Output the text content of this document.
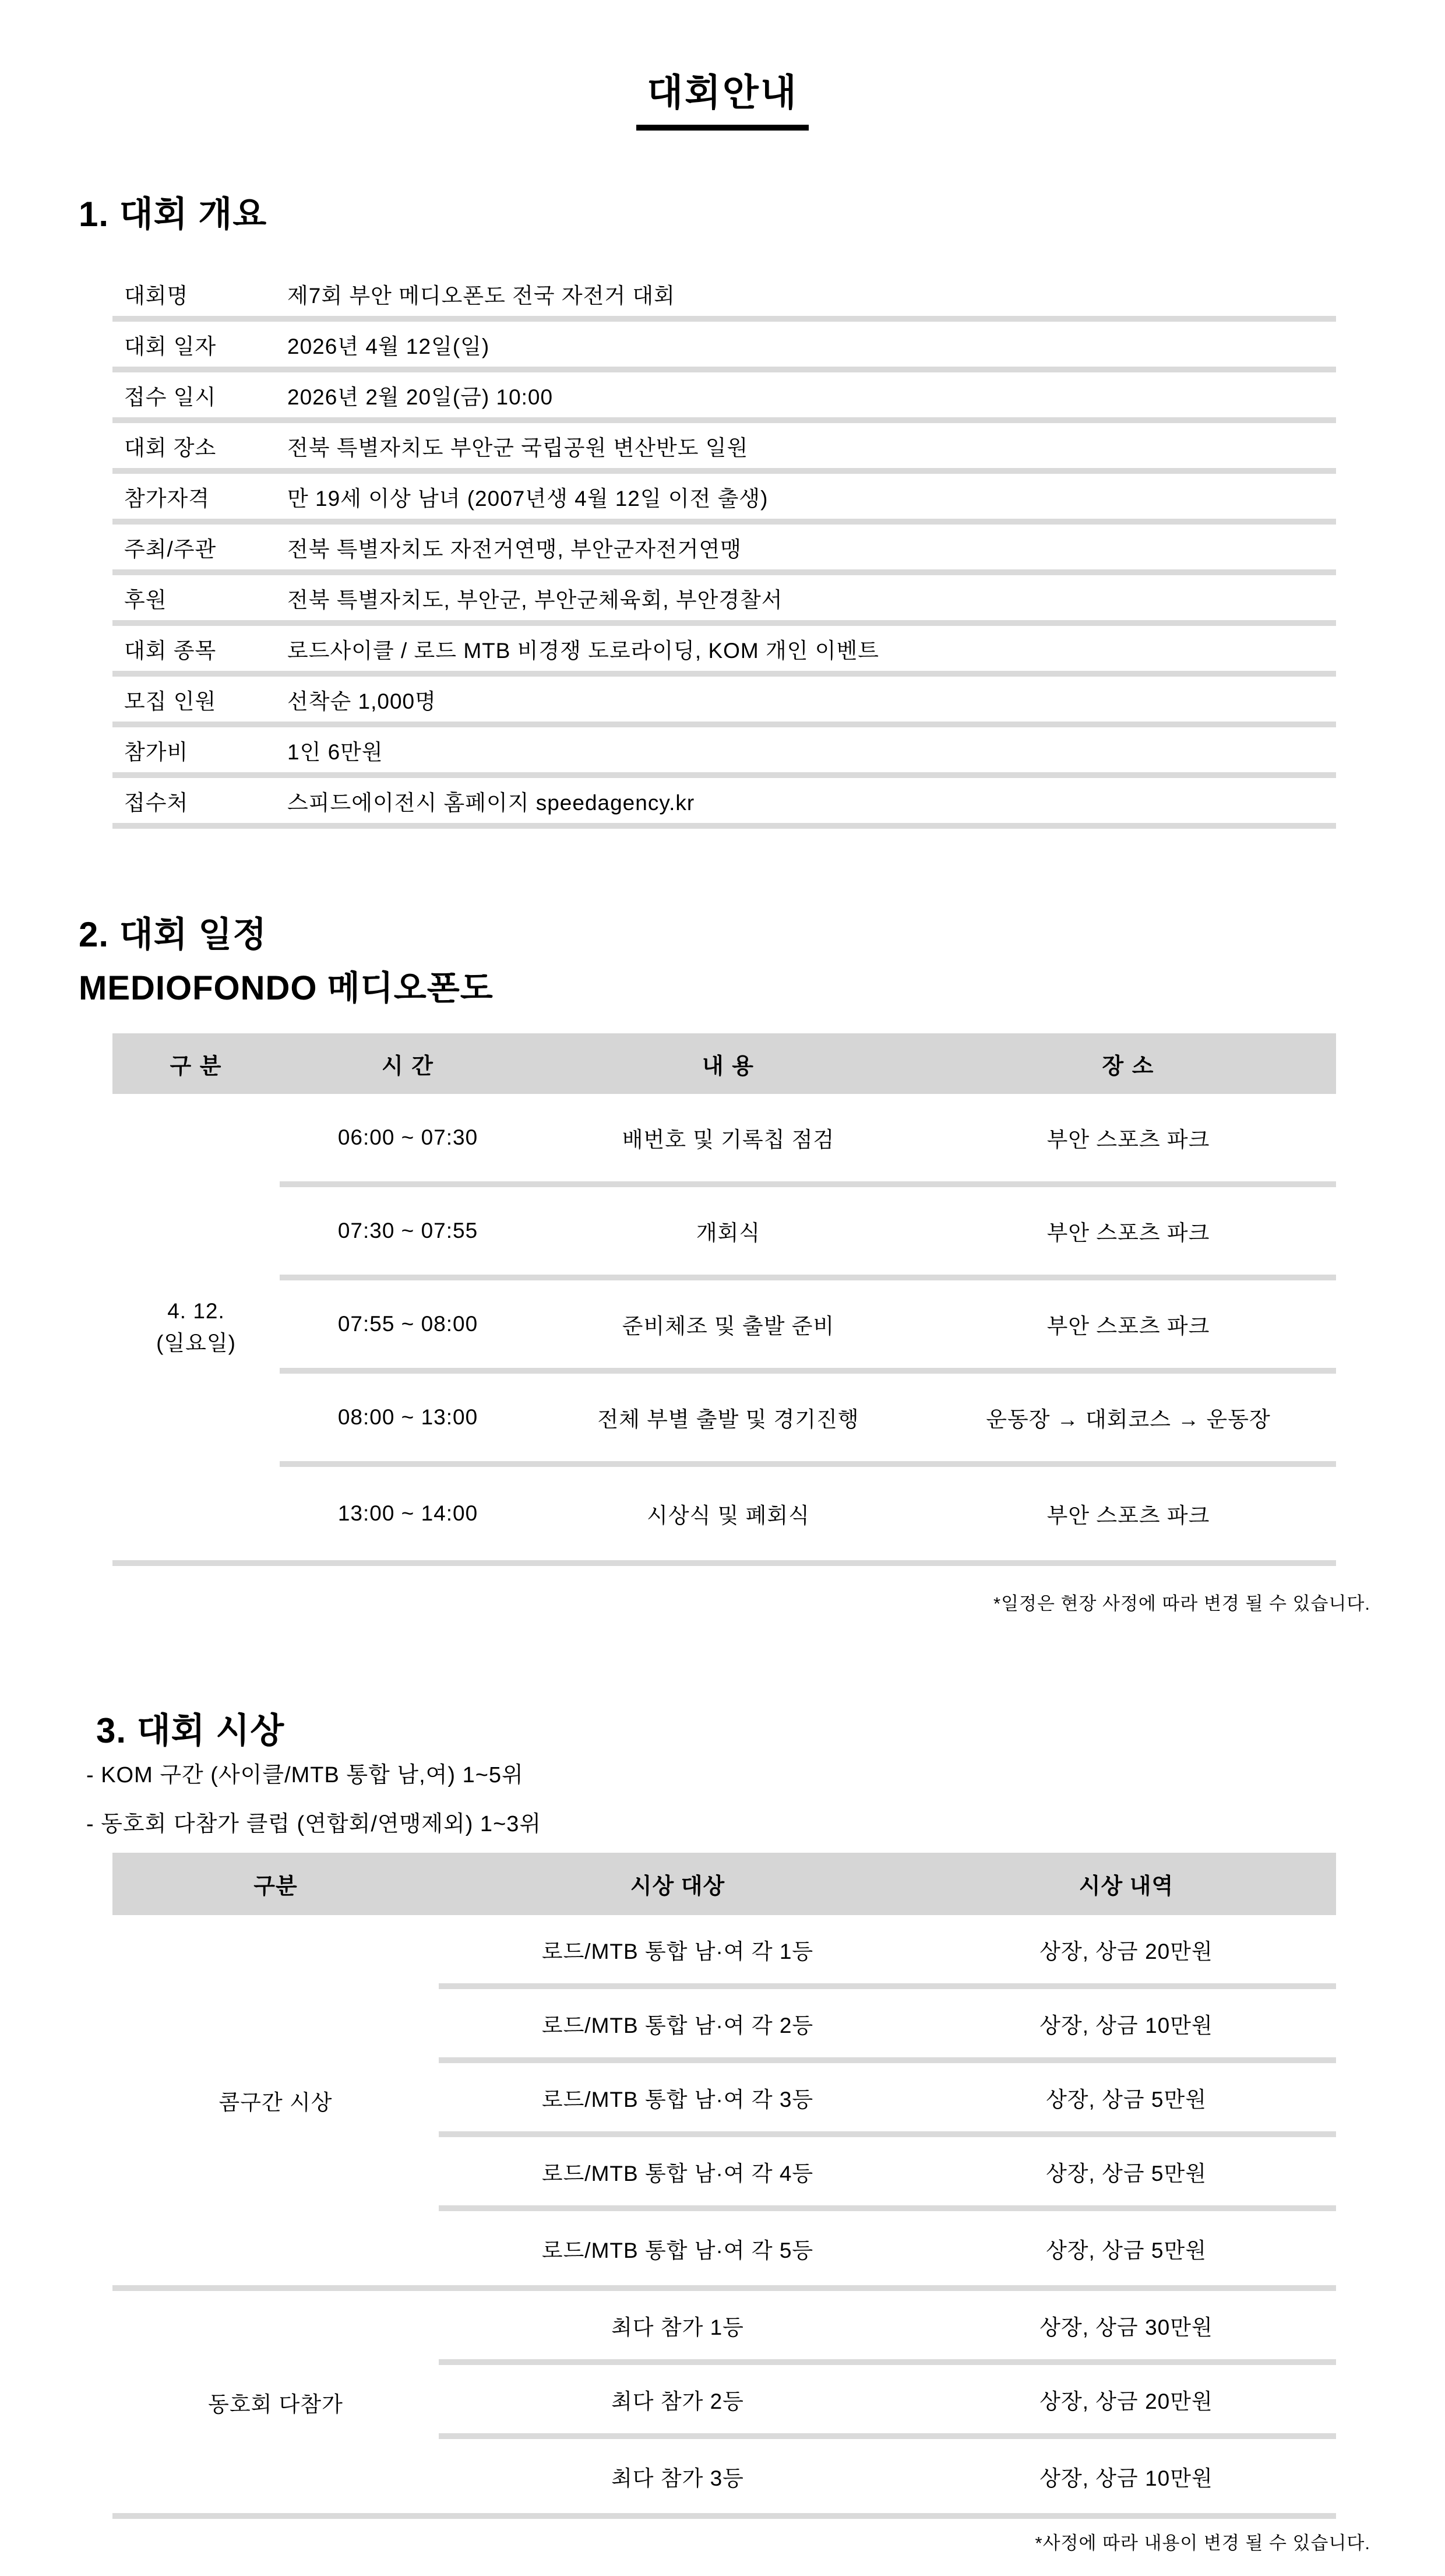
대회안내
1. 대회 개요
대회명	제7회 부안 메디오폰도 전국 자전거 대회
대회 일자	2026년 4월 12일(일)
접수 일시	2026년 2월 20일(금) 10:00
대회 장소	전북 특별자치도 부안군 국립공원 변산반도 일원
참가자격	만 19세 이상 남녀 (2007년생 4월 12일 이전 출생)
주최/주관	전북 특별자치도 자전거연맹, 부안군자전거연맹
후원	전북 특별자치도, 부안군, 부안군체육회, 부안경찰서
대회 종목	로드사이클 / 로드 MTB 비경쟁 도로라이딩, KOM 개인 이벤트
모집 인원	선착순 1,000명
참가비	1인 6만원
접수처	스피드에이전시 홈페이지 speedagency.kr
2. 대회 일정
MEDIOFONDO 메디오폰도
구 분	시 간	내 용	장 소
4. 12.
(일요일)
06:00 ~ 07:30	배번호 및 기록칩 점검	부안 스포츠 파크
07:30 ~ 07:55	개회식	부안 스포츠 파크
07:55 ~ 08:00	준비체조 및 출발 준비	부안 스포츠 파크
08:00 ~ 13:00	전체 부별 출발 및 경기진행	운동장 → 대회코스 → 운동장
13:00 ~ 14:00	시상식 및 폐회식	부안 스포츠 파크
*일정은 현장 사정에 따라 변경 될 수 있습니다.
3. 대회 시상
- KOM 구간 (사이클/MTB 통합 남,여) 1~5위
- 동호회 다참가 클럽 (연합회/연맹제외) 1~3위
구분	시상 대상	시상 내역
콤구간 시상
로드/MTB 통합 남·여 각 1등	상장, 상금 20만원
로드/MTB 통합 남·여 각 2등	상장, 상금 10만원
로드/MTB 통합 남·여 각 3등	상장, 상금 5만원
로드/MTB 통합 남·여 각 4등	상장, 상금 5만원
로드/MTB 통합 남·여 각 5등	상장, 상금 5만원
동호회 다참가
최다 참가 1등	상장, 상금 30만원
최다 참가 2등	상장, 상금 20만원
최다 참가 3등	상장, 상금 10만원
*사정에 따라 내용이 변경 될 수 있습니다.
